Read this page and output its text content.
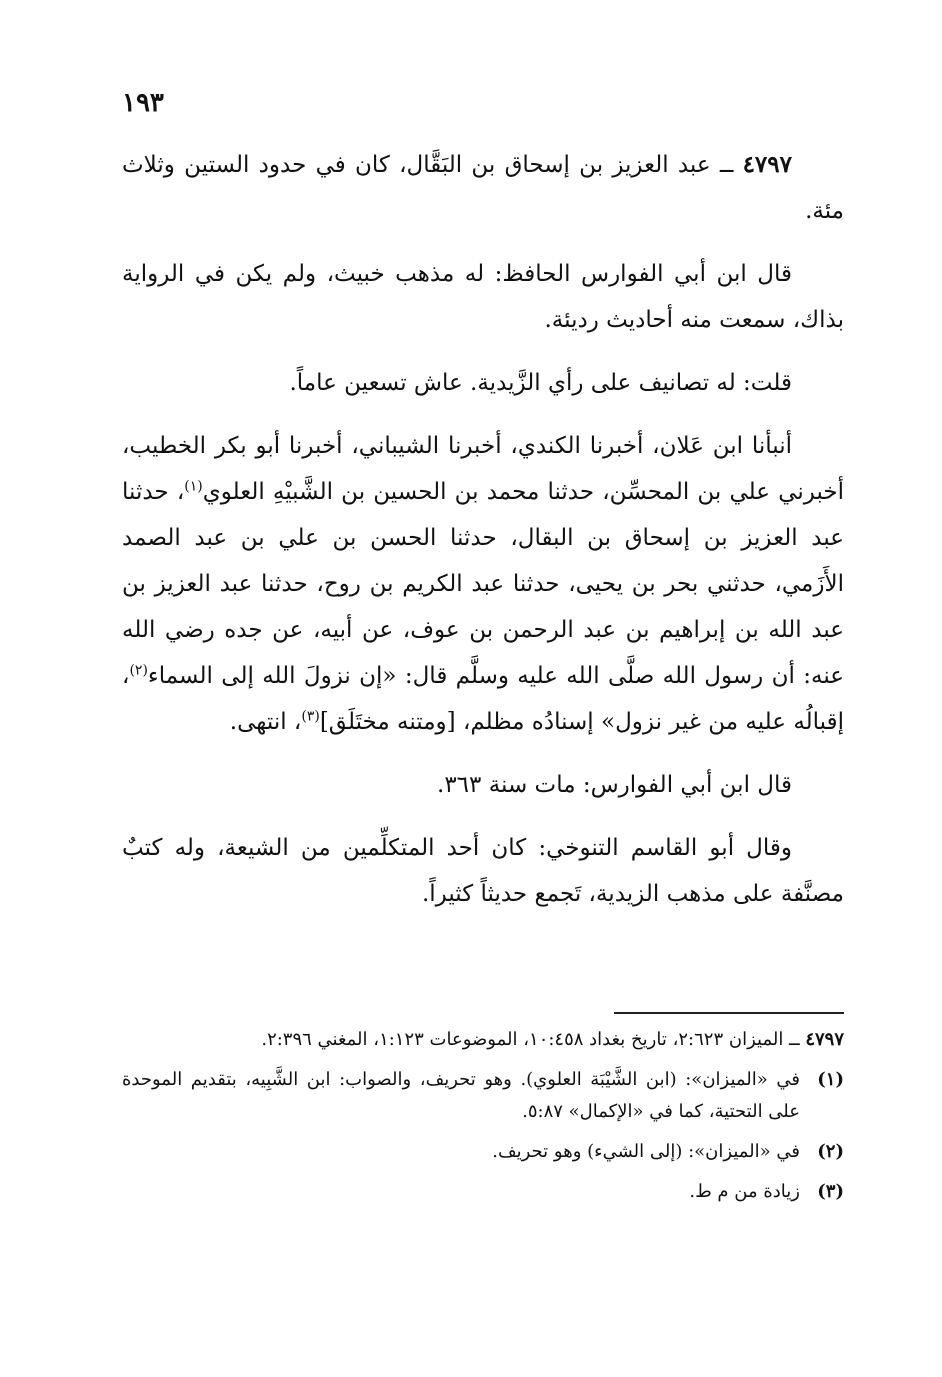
١٩٣

٤٧٩٧ ــ عبد العزيز بن إسحاق بن البَقَّال، كان في حدود الستين وثلاث مئة.

قال ابن أبي الفوارس الحافظ: له مذهب خبيث، ولم يكن في الرواية بذاك، سمعت منه أحاديث رديئة.

قلت: له تصانيف على رأي الزَّيدية. عاش تسعين عاماً.

أنبأنا ابن عَلان، أخبرنا الكندي، أخبرنا الشيباني، أخبرنا أبو بكر الخطيب، أخبرني علي بن المحسِّن، حدثنا محمد بن الحسين بن الشَّبيْهِ العلوي$^{(١)}$، حدثنا عبد العزيز بن إسحاق بن البقال، حدثنا الحسن بن علي بن عبد الصمد الأَزَمي، حدثني بحر بن يحيى، حدثنا عبد الكريم بن روح، حدثنا عبد العزيز بن عبد الله بن إبراهيم بن عبد الرحمن بن عوف، عن أبيه، عن جده رضي الله عنه: أن رسول الله صلَّى الله عليه وسلَّم قال: «إن نزولَ الله إلى السماء$^{(٢)}$، إقبالُه عليه من غير نزول» إسنادُه مظلم، [ومتنه مختَلَق]$^{(٣)}$، انتهى.

قال ابن أبي الفوارس: مات سنة ٣٦٣.

وقال أبو القاسم التنوخي: كان أحد المتكلِّمين من الشيعة، وله كتبٌ مصنَّفة على مذهب الزيدية، تَجمع حديثاً كثيراً.

٤٧٩٧ ــ الميزان ٢:٦٢٣، تاريخ بغداد ١٠:٤٥٨، الموضوعات ١:١٢٣، المغني ٢:٣٩٦.

(١)في «الميزان»: (ابن الشَّيْبَة العلوي). وهو تحريف، والصواب: ابن الشَّبِيه، بتقديم الموحدة على التحتية، كما في «الإكمال» ٥:٨٧.

(٢)في «الميزان»: (إلى الشيء) وهو تحريف.

(٣)زيادة من م ط.
